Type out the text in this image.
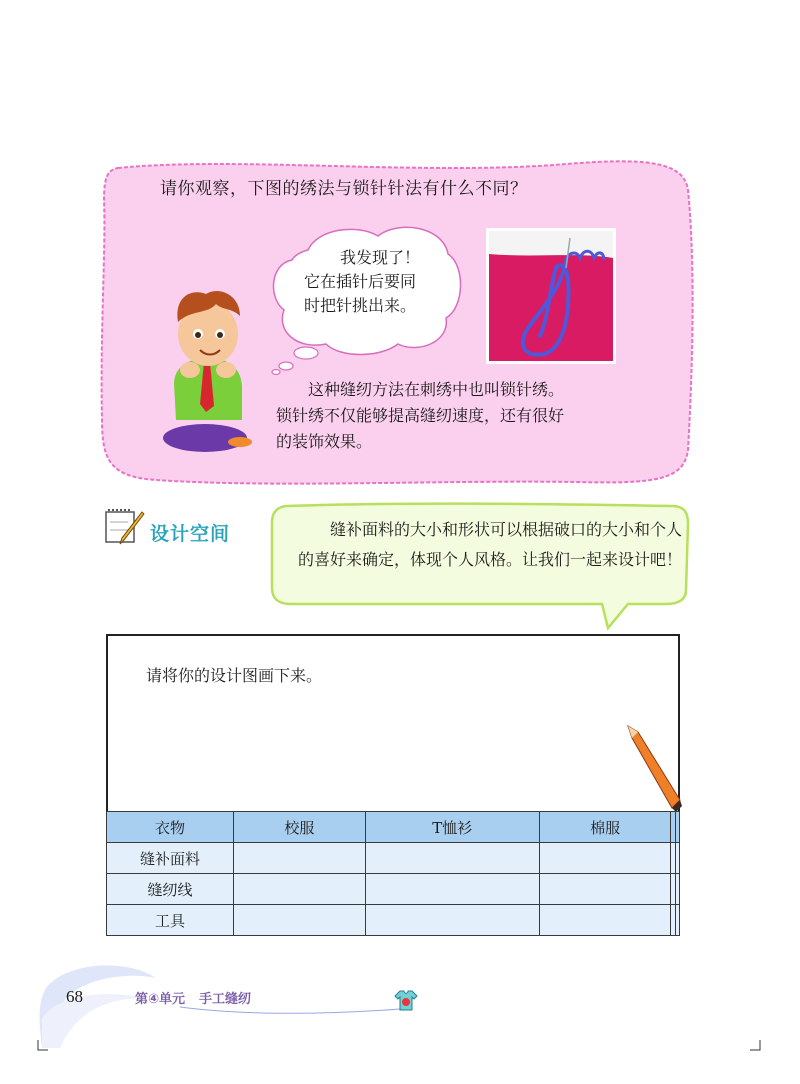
请你观察，下图的绣法与锁针针法有什么不同？
我发现了！
它在插针后要同
时把针挑出来。
这种缝纫方法在刺绣中也叫锁针绣。锁针绣不仅能够提高缝纫速度，还有很好的装饰效果。
设计空间	缝补面料的大小和形状可以根据破口的大小和个人的喜好来确定，体现个人风格。让我们一起来设计吧！
请将你的设计图画下来。
衣物	校服	T恤衫	棉服		
缝补面料					
缝纫线					
工具					
68	第④单元 手工缝纫
